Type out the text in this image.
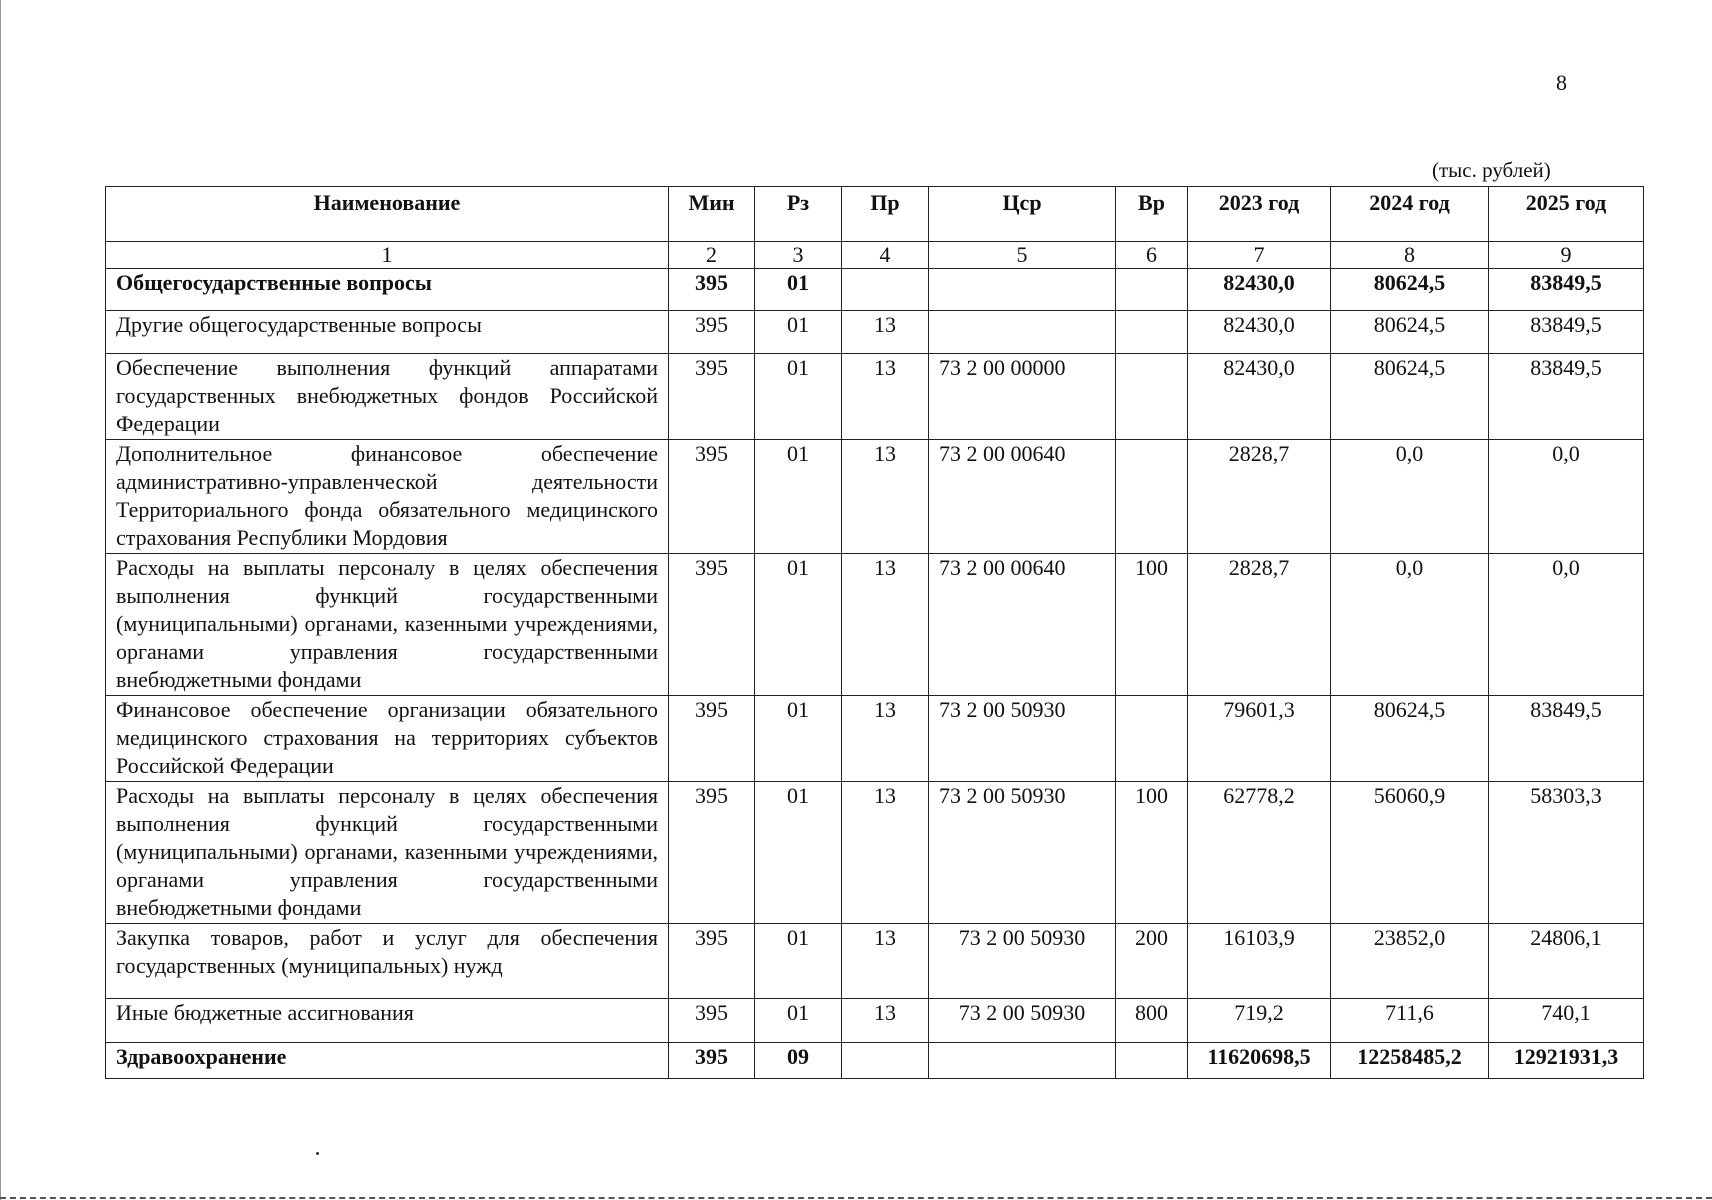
8
(тыс. рублей)
Наименование	Мин	Рз	Пр	Цср	Вр	2023 год	2024 год	2025 год
1	2	3	4	5	6	7	8	9
Общегосударственные вопросы	395	01				82430,0	80624,5	83849,5
Другие общегосударственные вопросы	395	01	13			82430,0	80624,5	83849,5
Обеспечение выполнения функций аппаратами государственных внебюджетных фондов Российской Федерации	395	01	13	73 2 00 00000		82430,0	80624,5	83849,5
Дополнительное финансовое обеспечение административно-управленческой деятельности Территориального фонда обязательного медицинского страхования Республики Мордовия	395	01	13	73 2 00 00640		2828,7	0,0	0,0
Расходы на выплаты персоналу в целях обеспечения выполнения функций государственными (муниципальными) органами, казенными учреждениями, органами управления государственными внебюджетными фондами	395	01	13	73 2 00 00640	100	2828,7	0,0	0,0
Финансовое обеспечение организации обязательного медицинского страхования на территориях субъектов Российской Федерации	395	01	13	73 2 00 50930		79601,3	80624,5	83849,5
Расходы на выплаты персоналу в целях обеспечения выполнения функций государственными (муниципальными) органами, казенными учреждениями, органами управления государственными внебюджетными фондами	395	01	13	73 2 00 50930	100	62778,2	56060,9	58303,3
Закупка товаров, работ и услуг для обеспечения государственных (муниципальных) нужд	395	01	13	73 2 00 50930	200	16103,9	23852,0	24806,1
Иные бюджетные ассигнования	395	01	13	73 2 00 50930	800	719,2	711,6	740,1
Здравоохранение	395	09				11620698,5	12258485,2	12921931,3
